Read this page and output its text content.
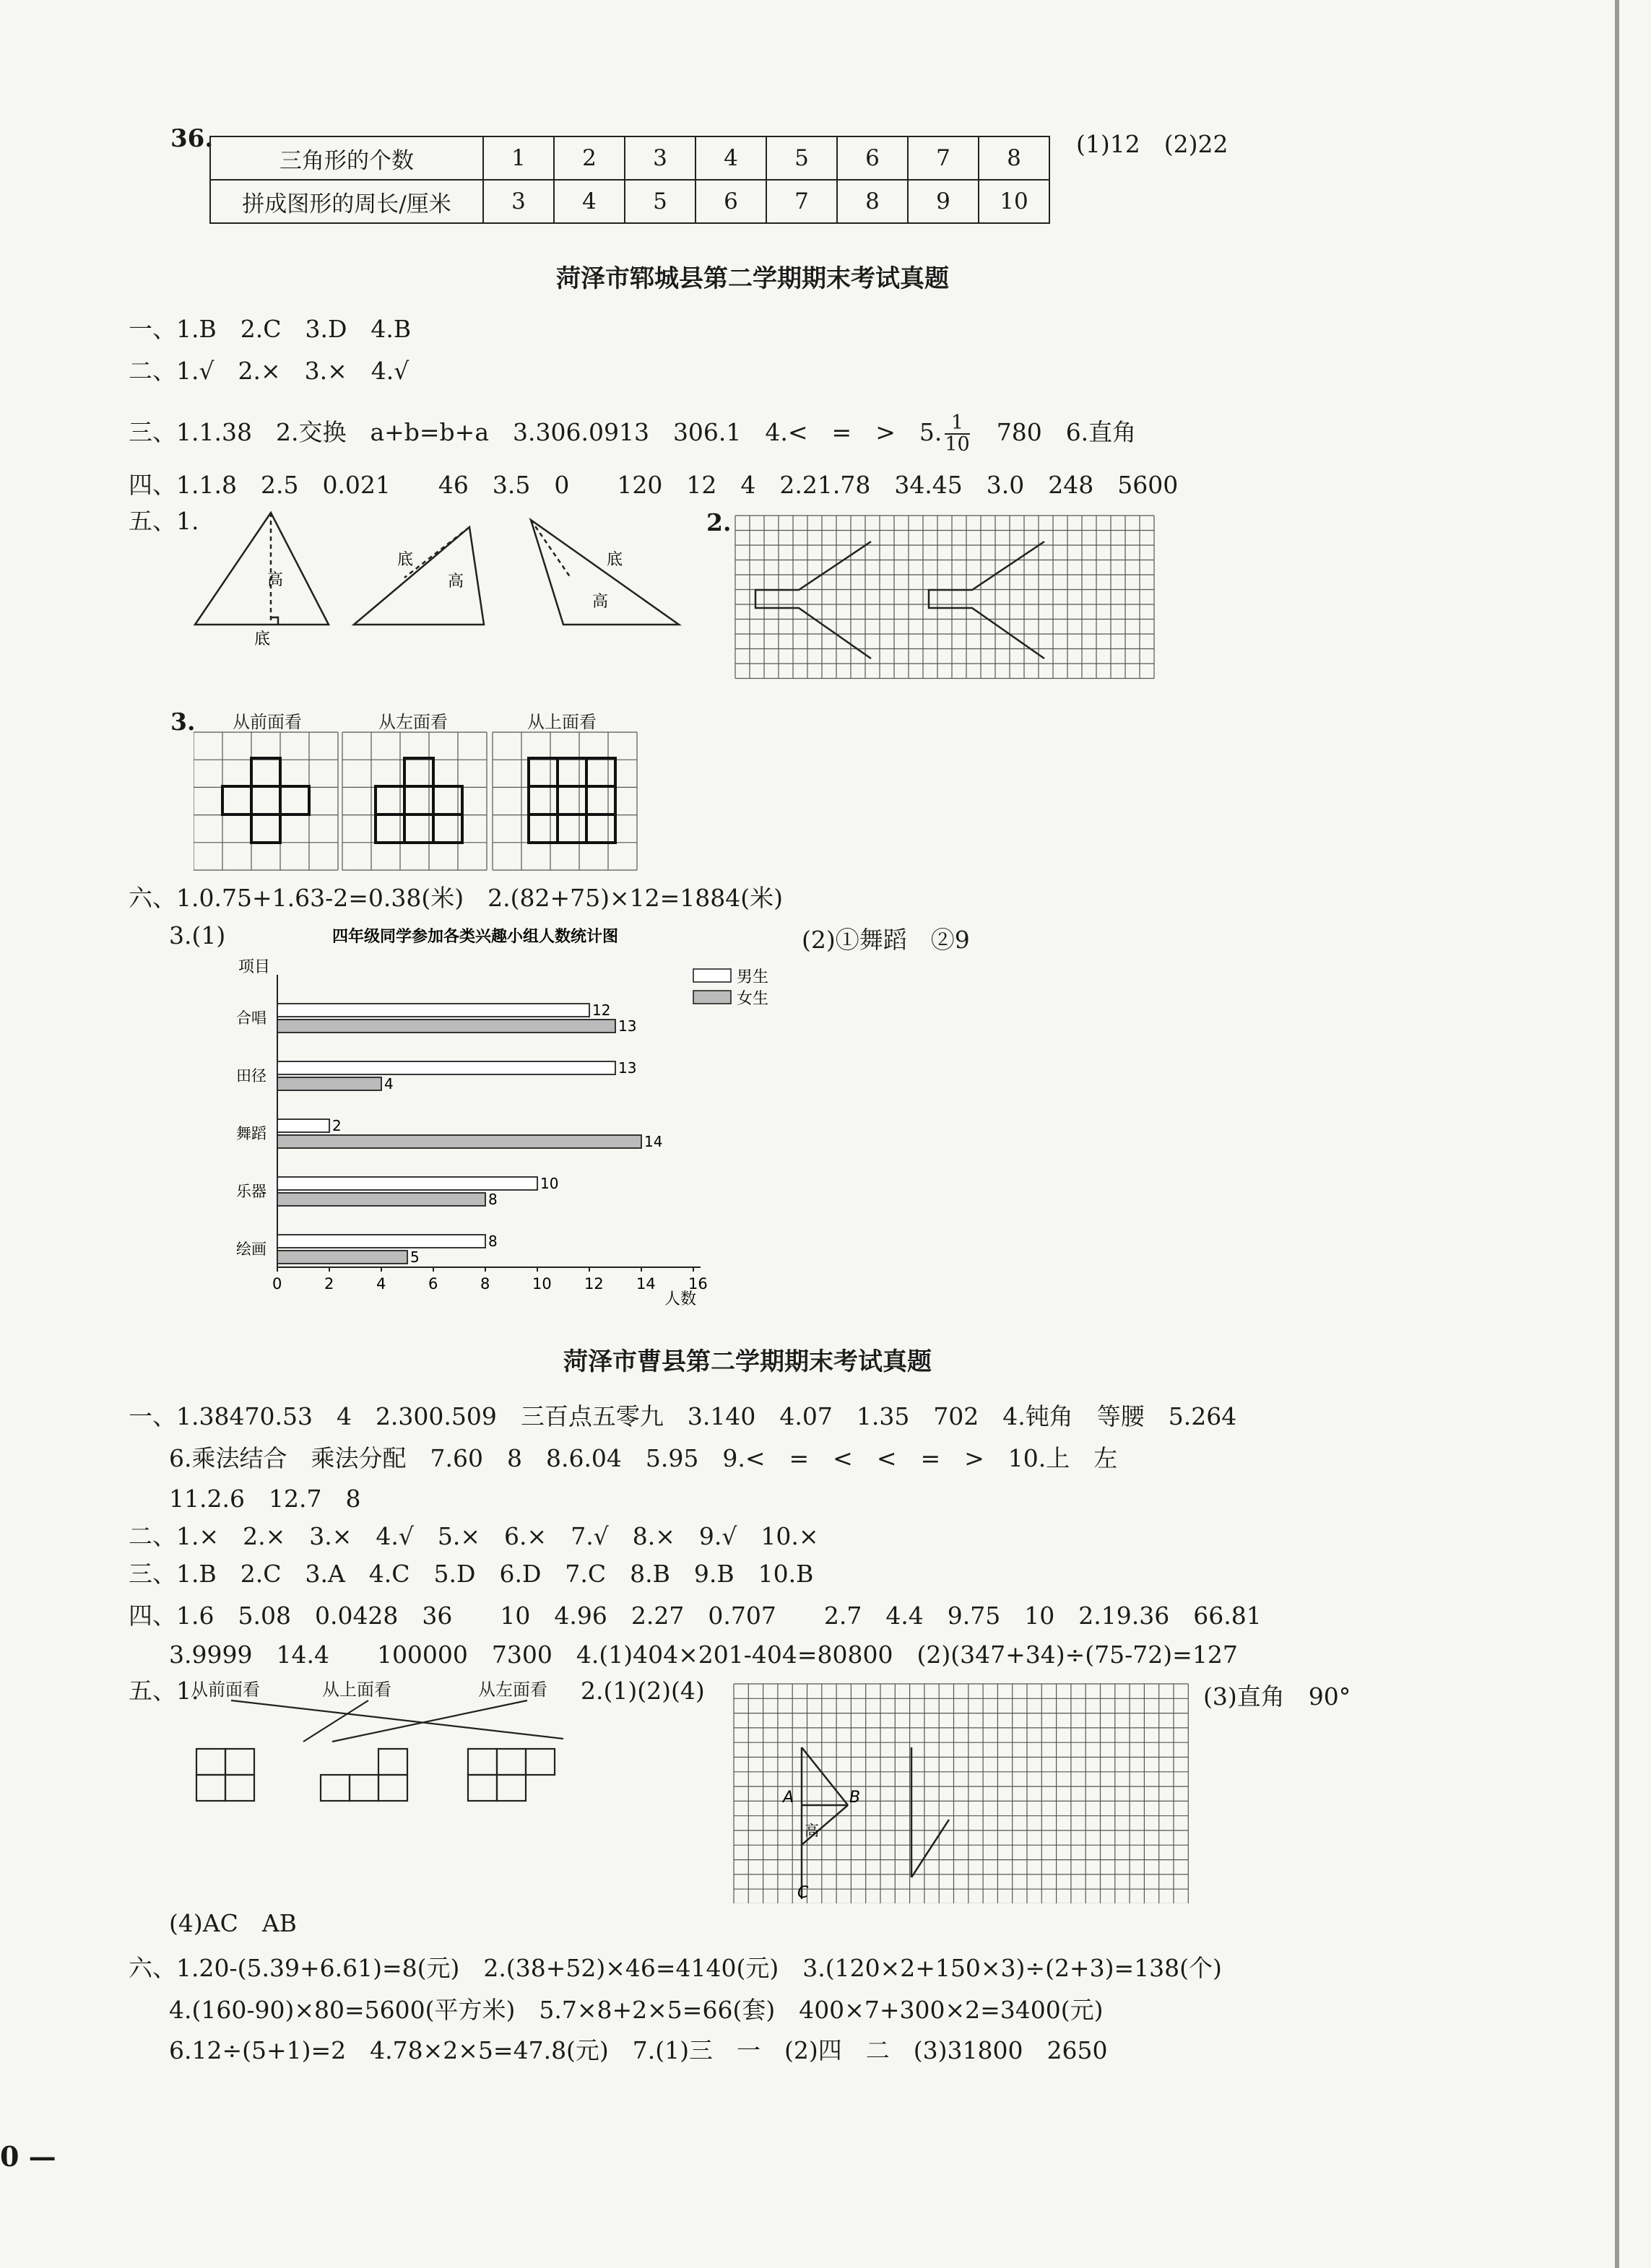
36.
三角形的个数	1	2	3	4	5	6	7	8
拼成图形的周长/厘米	3	4	5	6	7	8	9	10
(1)12　(2)22
菏泽市郓城县第二学期期末考试真题
一、1.B　2.C　3.D　4.B
二、1.√　2.×　3.×　4.√
三、1.1.38　2.交换　a+b=b+a　3.306.0913　306.1　4.<　=　>　5. $\frac{1}{10}$ 　780　6.直角
四、1.1.8　2.5　0.021　　46　3.5　0　　120　12　4　2.21.78　34.45　3.0　248　5600
五、1.
高
底
底
高
底
高
2.
3. 从前面看	从左面看	从上面看
六、1.0.75+1.63-2=0.38(米)　2.(82+75)×12=1884(米)
3.(1)	(2)①舞蹈　②9
四年级同学参加各类兴趣小组人数统计图
项目
人数
0	2	4	6	8	10 12 14 16
合唱	12
13
田径	13
4
舞蹈	2
14
乐器	10
8
绘画	8
5
男生
女生
菏泽市曹县第二学期期末考试真题
一、1.38470.53　4　2.300.509　三百点五零九　3.140　4.07　1.35　702　4.钝角　等腰　5.264
6.乘法结合　乘法分配　7.60　8　8.6.04　5.95　9.<　=　<　<　=　>　10.上　左
11.2.6　12.7　8
二、1.×　2.×　3.×　4.√　5.×　6.×　7.√　8.×　9.√　10.×
三、1.B　2.C　3.A　4.C　5.D　6.D　7.C　8.B　9.B　10.B
四、1.6　5.08　0.0428　36　　10　4.96　2.27　0.707　　2.7　4.4　9.75　10　2.19.36　66.81
3.9999　14.4　　100000　7300　4.(1)404×201-404=80800　(2)(347+34)÷(75-72)=127
五、1.
从前面看	从上面看	从左面看 2.(1)(2)(4)
A	B
高
C
(3)直角　90°
(4)AC　AB
六、1.20-(5.39+6.61)=8(元)　2.(38+52)×46=4140(元)　3.(120×2+150×3)÷(2+3)=138(个)
4.(160-90)×80=5600(平方米)　5.7×8+2×5=66(套)　400×7+300×2=3400(元)
6.12÷(5+1)=2　4.78×2×5=47.8(元)　7.(1)三　一　(2)四　二　(3)31800　2650
0 —
